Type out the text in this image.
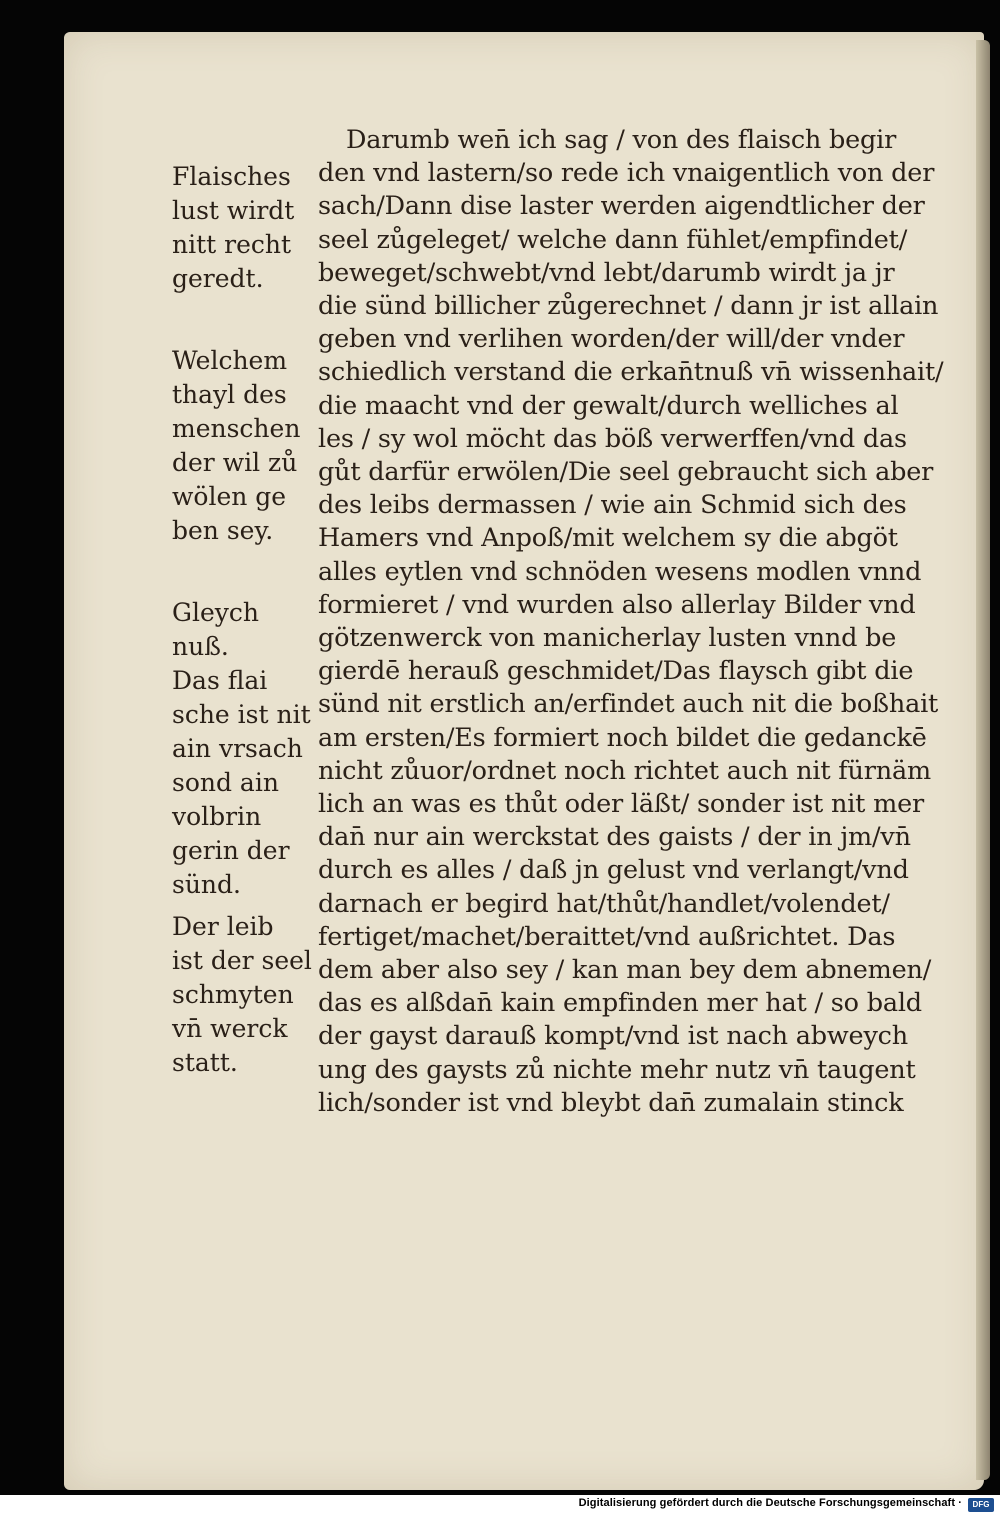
Flaisches
lust wirdt
nitt recht
geredt.
Welchem
thayl des
menschen
der wil zů
wölen ge
ben sey.
Gleych
nuß.
Das flai
sche ist nit
ain vrsach
sond ain
volbrin
gerin der
sünd.
Der leib
ist der seel
schmyten
vn̄ werck
statt.
Darumb wen̄ ich sag / von des flaisch begir
den vnd lastern/so rede ich vnaigentlich von der
sach/Dann dise laster werden aigendtlicher der
seel zůgeleget/ welche dann fühlet/empfindet/
beweget/schwebt/vnd lebt/darumb wirdt ja jr
die sünd billicher zůgerechnet / dann jr ist allain
geben vnd verlihen worden/der will/der vnder
schiedlich verstand die erkan̄tnuß vn̄ wissenhait/
die maacht vnd der gewalt/durch welliches al
les / sy wol möcht das böß verwerffen/vnd das
gůt darfür erwölen/Die seel gebraucht sich aber
des leibs dermassen / wie ain Schmid sich des
Hamers vnd Anpoß/mit welchem sy die abgöt
alles eytlen vnd schnöden wesens modlen vnnd
formieret / vnd wurden also allerlay Bilder vnd
götzenwerck von manicherlay lusten vnnd be
gierdē herauß geschmidet/Das flaysch gibt die
sünd nit erstlich an/erfindet auch nit die boßhait
am ersten/Es formiert noch bildet die gedanckē
nicht zůuor/ordnet noch richtet auch nit fürnäm
lich an was es thůt oder läßt/ sonder ist nit mer
dan̄ nur ain werckstat des gaists / der in jm/vn̄
durch es alles / daß jn gelust vnd verlangt/vnd
darnach er begird hat/thůt/handlet/volendet/
fertiget/machet/beraittet/vnd außrichtet. Das
dem aber also sey / kan man bey dem abnemen/
das es alßdan̄ kain empfinden mer hat / so bald
der gayst darauß kompt/vnd ist nach abweych
ung des gaysts zů nichte mehr nutz vn̄ taugent
lich/sonder ist vnd bleybt dan̄ zumalain stinck
Digitalisierung gefördert durch die Deutsche Forschungsgemeinschaft ·	DFG
